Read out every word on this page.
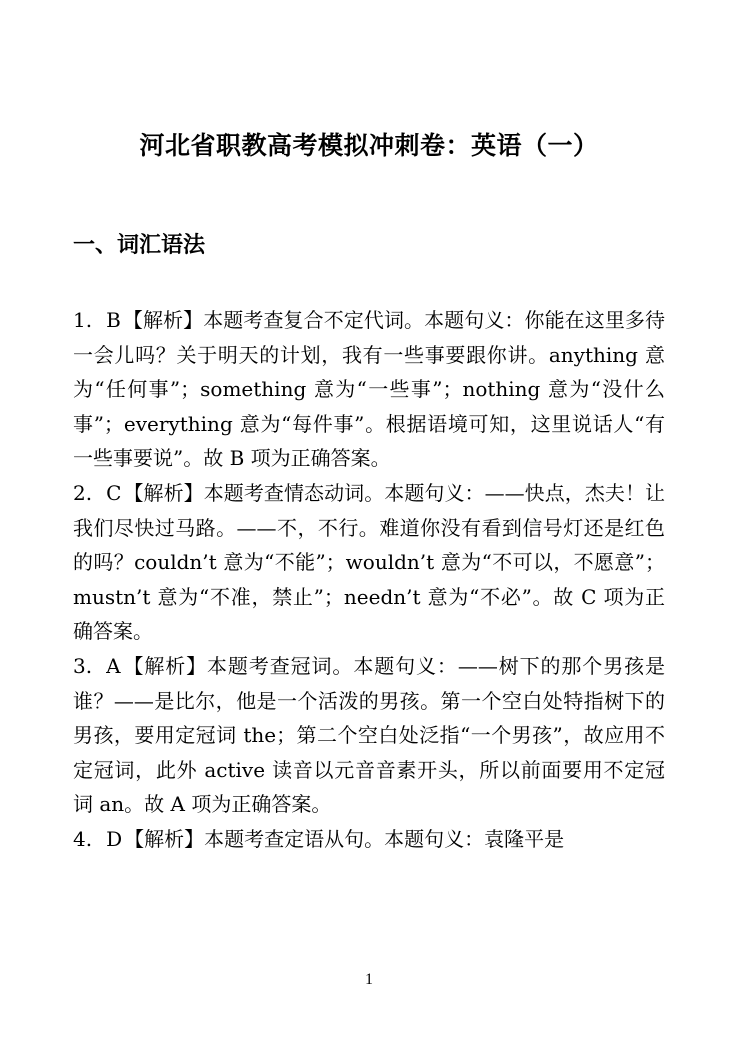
河北省职教高考模拟冲刺卷：英语（一）
一、词汇语法

1. B 【解析】本题考查复合不定代词。本题句义：你能在这里多待一会儿吗？关于明天的计划，我有一些事要跟你讲。anything 意为“任何事”；something 意为“一些事”；nothing 意为“没什么事”；everything 意为“每件事”。根据语境可知，这里说话人“有一些事要说”。故 B 项为正确答案。

2. C 【解析】本题考查情态动词。本题句义：——快点，杰夫！让我们尽快过马路。——不，不行。难道你没有看到信号灯还是红色的吗？couldn’t 意为“不能”；wouldn’t 意为“不可以，不愿意”；mustn’t 意为“不准，禁止”；needn’t 意为“不必”。故 C 项为正确答案。

3. A 【解析】本题考查冠词。本题句义：——树下的那个男孩是谁？——是比尔，他是一个活泼的男孩。第一个空白处特指树下的男孩，要用定冠词 the；第二个空白处泛指“一个男孩”，故应用不定冠词，此外 active 读音以元音音素开头，所以前面要用不定冠词 an。故 A 项为正确答案。

4. D 【解析】本题考查定语从句。本题句义：袁隆平是

1
